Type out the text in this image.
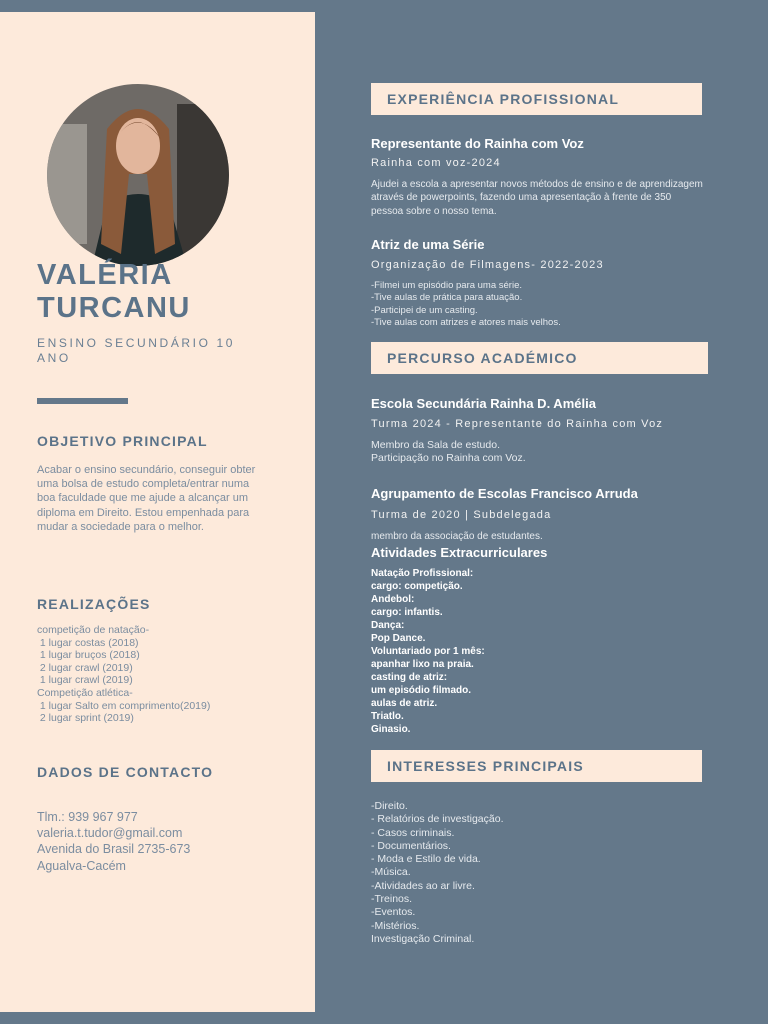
VALÉRIA
TURCANU
ENSINO SECUNDÁRIO 10 ANO
OBJETIVO PRINCIPAL
Acabar o ensino secundário, conseguir obter uma bolsa de estudo completa/entrar numa boa faculdade que me ajude a alcançar um diploma em Direito. Estou empenhada para mudar a sociedade para o melhor.
REALIZAÇÕES
competição de natação-
1 lugar costas (2018)
1 lugar bruços (2018)
2 lugar crawl (2019)
1 lugar crawl (2019)
Competição atlética-
1 lugar Salto em comprimento(2019)
2 lugar sprint (2019)
DADOS DE CONTACTO
Tlm.: 939 967 977
valeria.t.tudor@gmail.com
Avenida do Brasil 2735-673
Agualva-Cacém
EXPERIÊNCIA PROFISSIONAL
Representante do Rainha com Voz
Rainha com voz-2024
Ajudei a escola a apresentar novos métodos de ensino e de aprendizagem através de powerpoints, fazendo uma apresentação à frente de 350 pessoa sobre o nosso tema.
Atriz de uma Série
Organização de Filmagens- 2022-2023
-Filmei um episódio para uma série.
-Tive aulas de prática para atuação.
-Participei de um casting.
-Tive aulas com atrizes e atores mais velhos.
PERCURSO ACADÉMICO
Escola Secundária Rainha D. Amélia
Turma 2024 - Representante do Rainha com Voz
Membro da Sala de estudo.
Participação no Rainha com Voz.
Agrupamento de Escolas Francisco Arruda
Turma de 2020 | Subdelegada
membro da associação de estudantes.
Atividades Extracurriculares
Natação Profissional:
cargo: competição.
Andebol:
cargo: infantis.
Dança:
Pop Dance.
Voluntariado por 1 mês:
apanhar lixo na praia.
casting de atriz:
um episódio filmado.
aulas de atriz.
Triatlo.
Ginasio.
INTERESSES PRINCIPAIS
-Direito.
- Relatórios de investigação.
- Casos criminais.
- Documentários.
- Moda e Estilo de vida.
-Música.
-Atividades ao ar livre.
-Treinos.
-Eventos.
-Mistérios.
Investigação Criminal.
